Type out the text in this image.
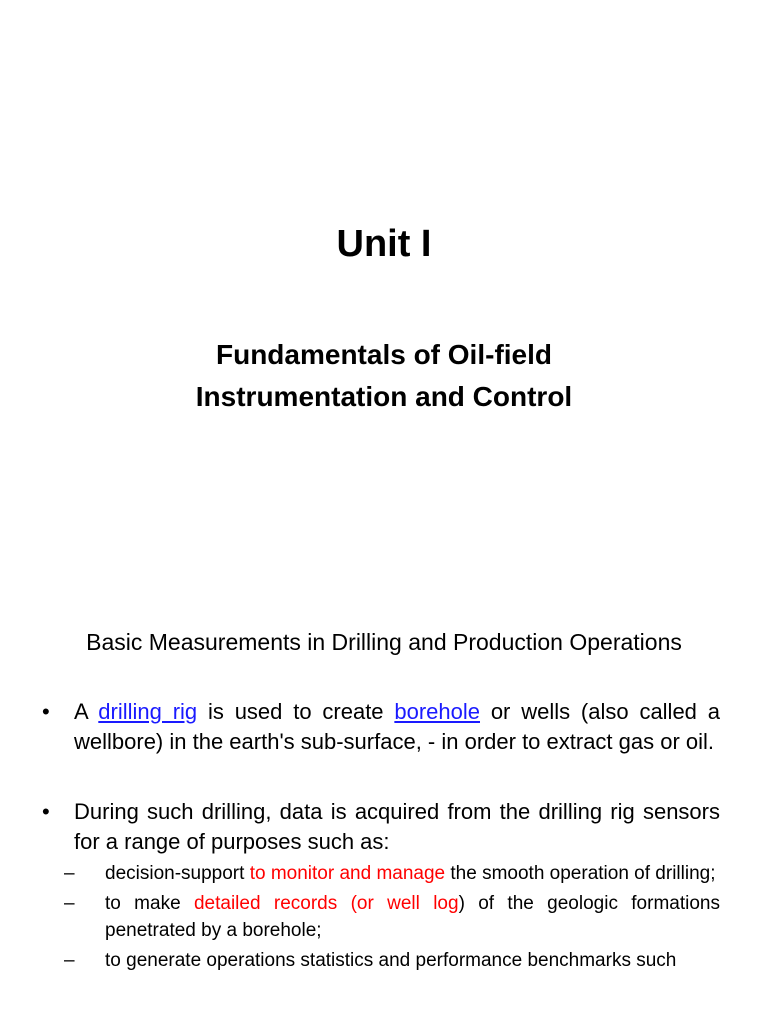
Unit I
Fundamentals of Oil-field
Instrumentation and Control
Basic Measurements in Drilling and Production Operations
• A drilling rig is used to create borehole or wells (also called a wellbore) in the earth's sub-surface, - in order to extract gas or oil.
• During such drilling, data is acquired from the drilling rig sensors for a range of purposes such as:
– decision-support to monitor and manage the smooth operation of drilling;
– to make detailed records (or well log) of the geologic formations penetrated by a borehole;
– to generate operations statistics and performance benchmarks such
